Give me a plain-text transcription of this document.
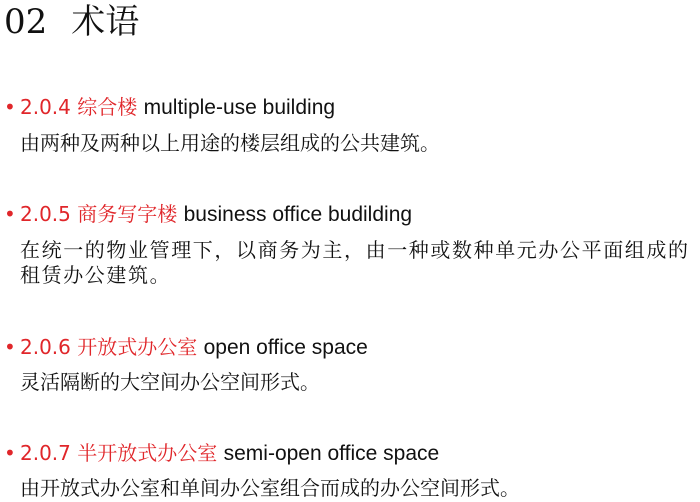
02 术语
• 2.0.4 综合楼 multiple-use building
由两种及两种以上用途的楼层组成的公共建筑。
• 2.0.5 商务写字楼 business office budilding
在统一的物业管理下，以商务为主，由一种或数种单元办公平面组成的租赁办公建筑。
• 2.0.6 开放式办公室 open office space
灵活隔断的大空间办公空间形式。
• 2.0.7 半开放式办公室 semi-open office space
由开放式办公室和单间办公室组合而成的办公空间形式。
